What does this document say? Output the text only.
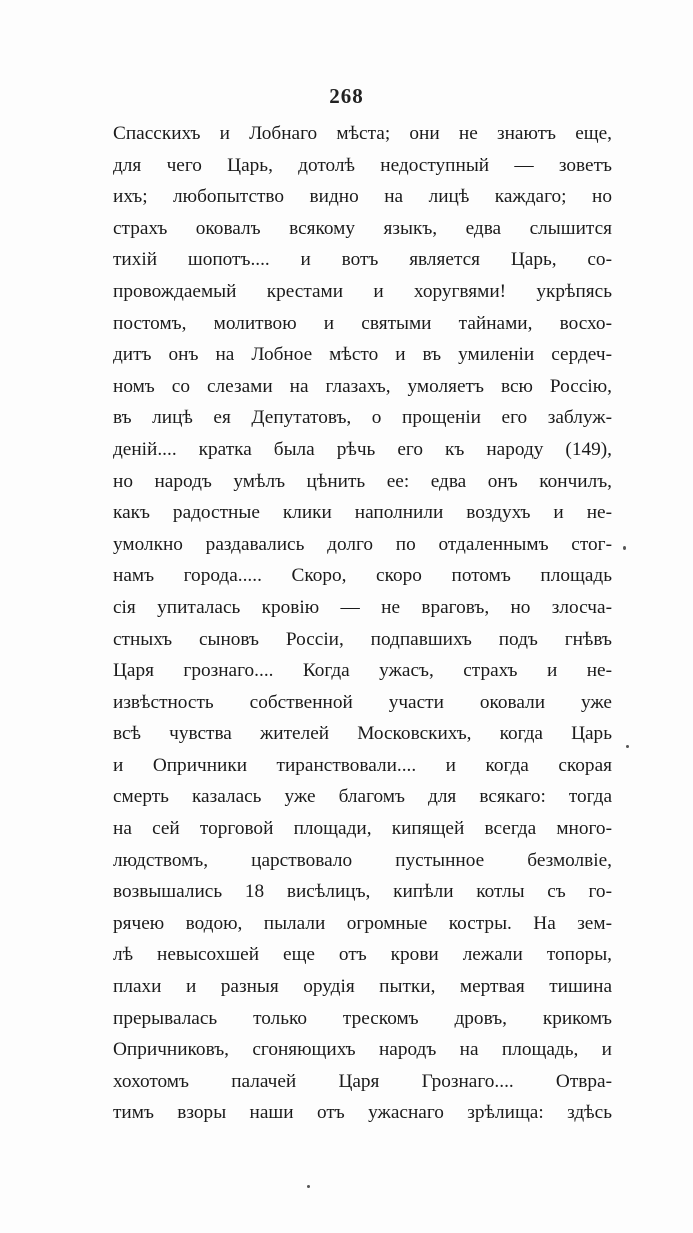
268
Спасскихъ и Лобнаго мѣста; они не знаютъ еще,
для чего Царь, дотолѣ недоступный — зоветъ
ихъ; любопытство видно на лицѣ каждаго; но
страхъ оковалъ всякому языкъ, едва слышится
тихій шопотъ.... и вотъ является Царь, со-
провождаемый крестами и хоругвями! укрѣпясь
постомъ, молитвою и святыми тайнами, восхо-
дитъ онъ на Лобное мѣсто и въ умиленіи сердеч-
номъ со слезами на глазахъ, умоляетъ всю Россію,
въ лицѣ ея Депутатовъ, о прощеніи его заблуж-
деній.... кратка была рѣчь его къ народу (149),
но народъ умѣлъ цѣнить ее: едва онъ кончилъ,
какъ радостные клики наполнили воздухъ и не-
умолкно раздавались долго по отдаленнымъ стог-
намъ города..... Скоро, скоро потомъ площадь
сія упиталась кровію — не враговъ, но злосча-
стныхъ сыновъ Россіи, подпавшихъ подъ гнѣвъ
Царя грознаго.... Когда ужасъ, страхъ и не-
извѣстность собственной участи оковали уже
всѣ чувства жителей Московскихъ, когда Царь
и Опричники тиранствовали.... и когда скорая
смерть казалась уже благомъ для всякаго: тогда
на сей торговой площади, кипящей всегда много-
людствомъ, царствовало пустынное безмолвіе,
возвышались 18 висѣлицъ, кипѣли котлы съ го-
рячею водою, пылали огромные костры. На зем-
лѣ невысохшей еще отъ крови лежали топоры,
плахи и разныя орудія пытки, мертвая тишина
прерывалась только трескомъ дровъ, крикомъ
Опричниковъ, сгоняющихъ народъ на площадь, и
хохотомъ палачей Царя Грознаго.... Отвра-
тимъ взоры наши отъ ужаснаго зрѣлища: здѣсь
